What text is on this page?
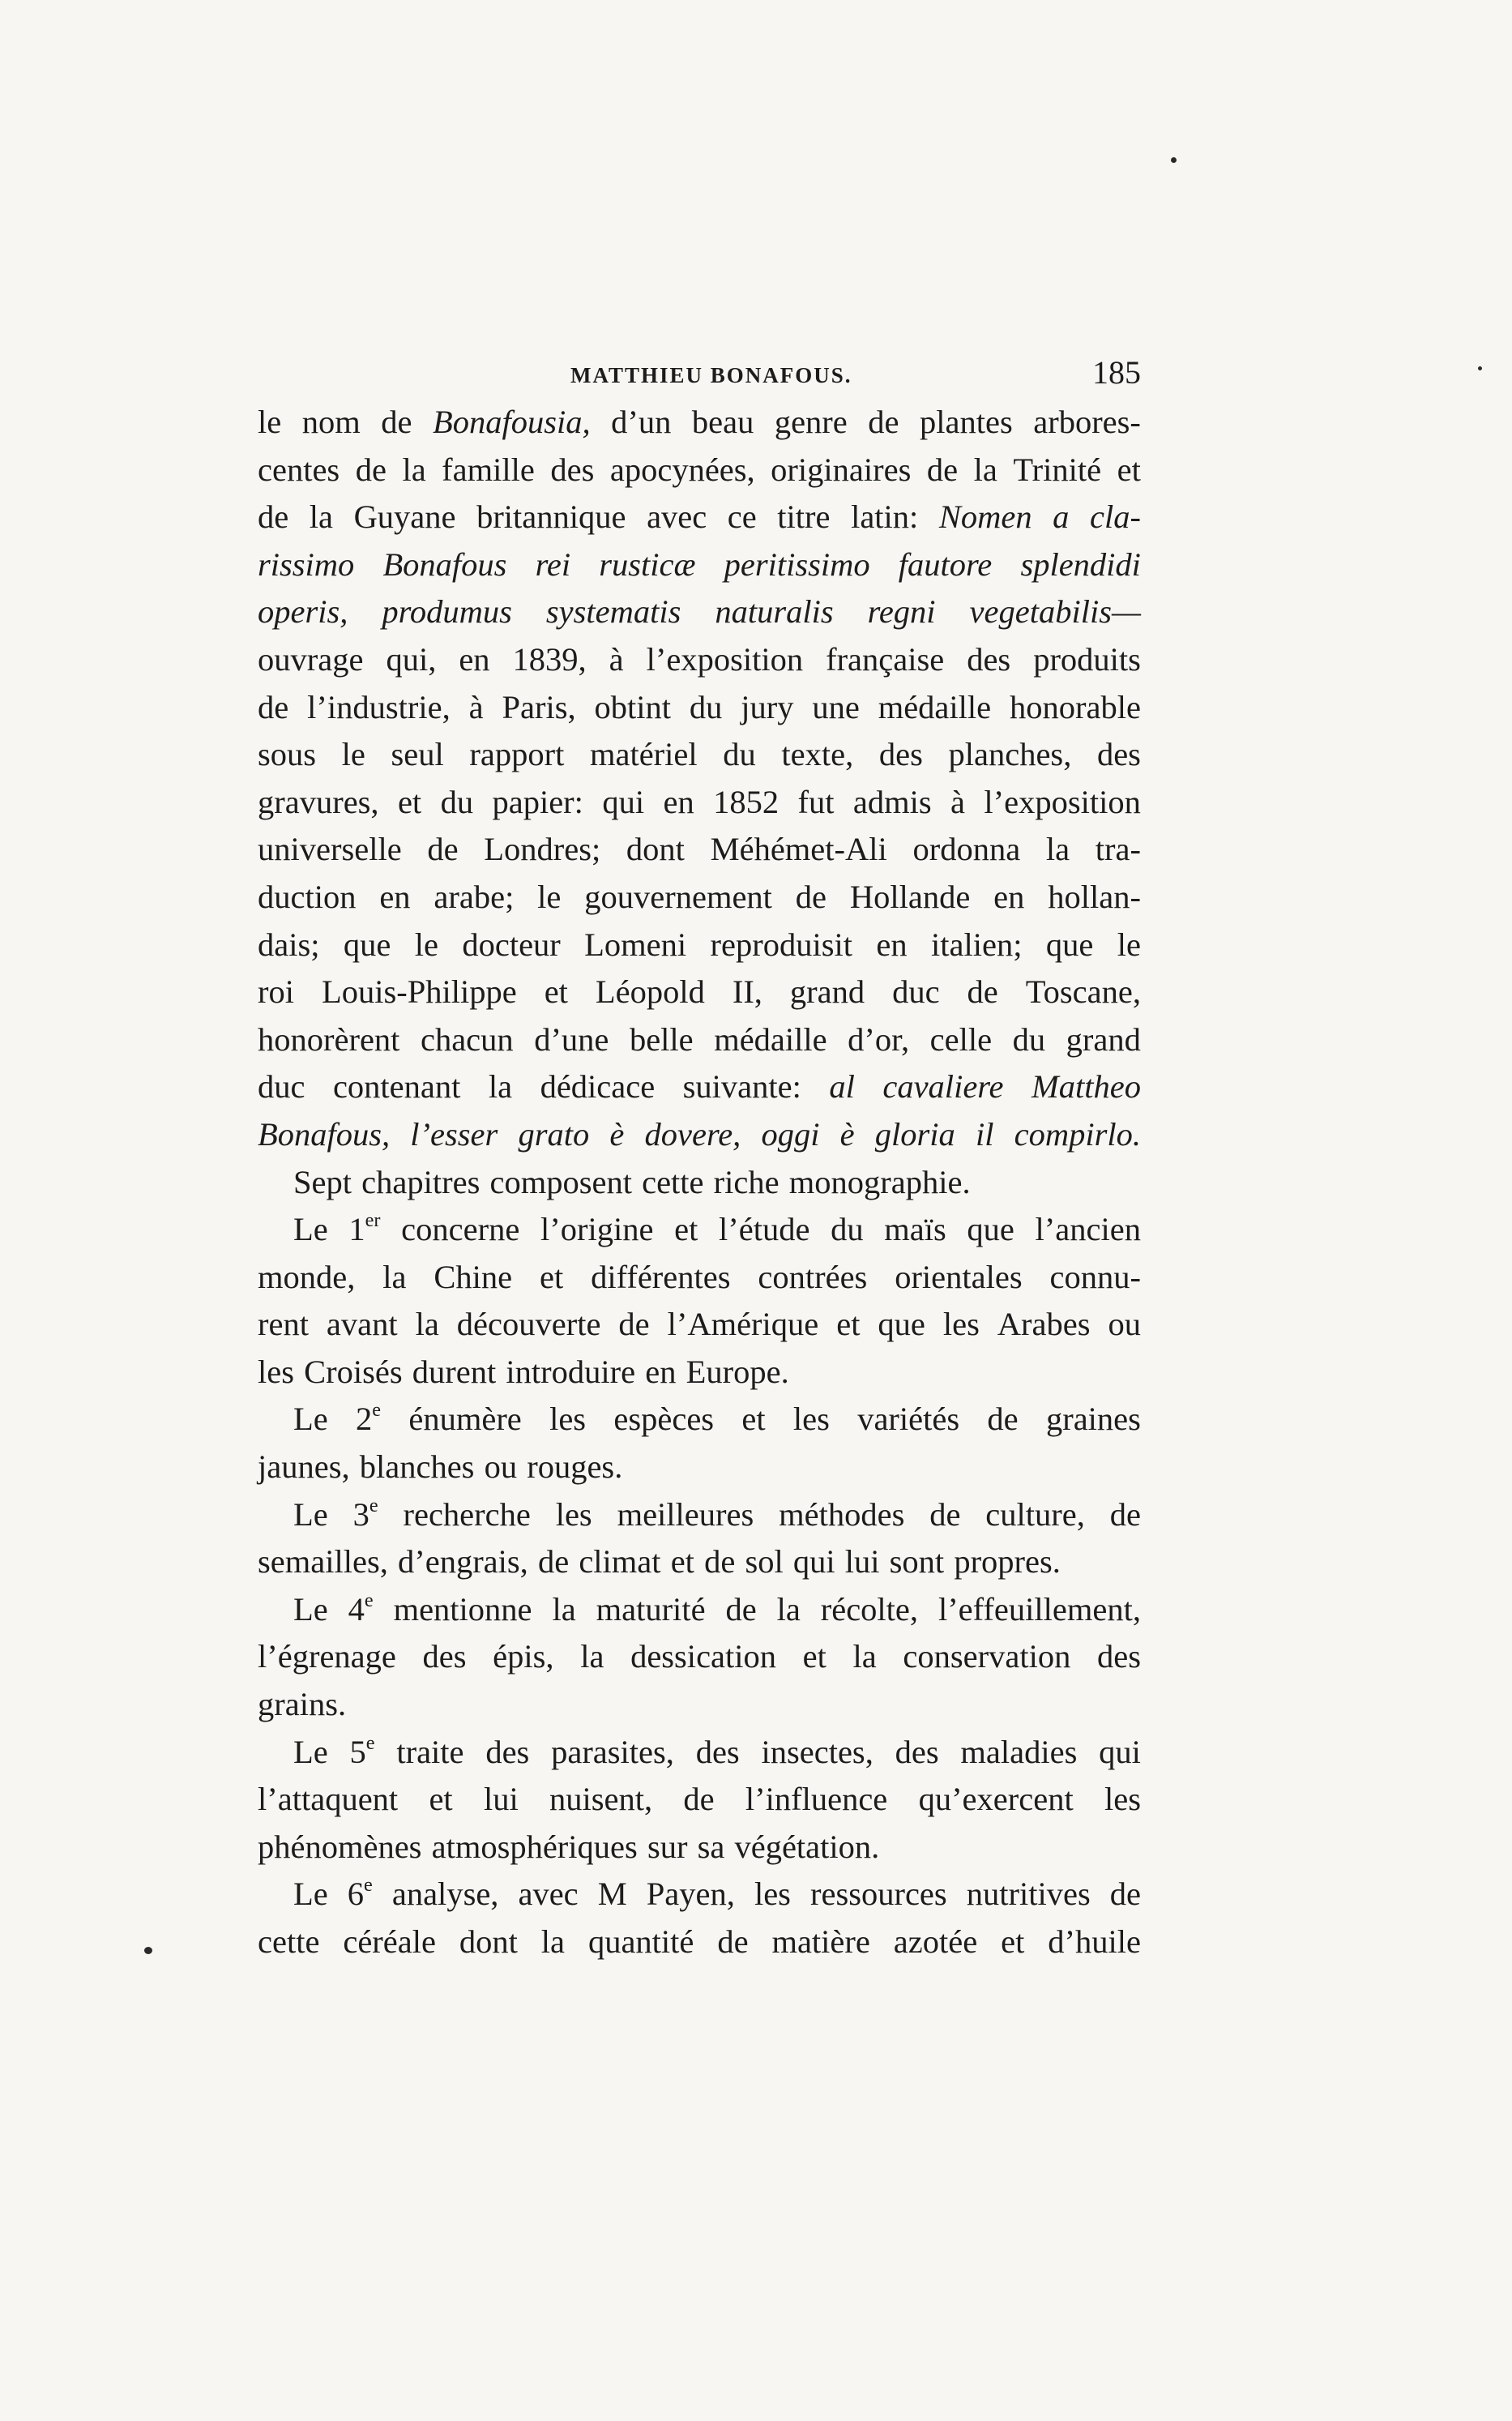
MATTHIEU BONAFOUS.	185
le nom de Bonafousia, d’un beau genre de plantes arbores-
centes de la famille des apocynées, originaires de la Trinité et
de la Guyane britannique avec ce titre latin: Nomen a cla-
rissimo Bonafous rei rusticæ peritissimo fautore splendidi
operis, produmus systematis naturalis regni vegetabilis—
ouvrage qui, en 1839, à l’exposition française des produits
de l’industrie, à Paris, obtint du jury une médaille honorable
sous le seul rapport matériel du texte, des planches, des
gravures, et du papier: qui en 1852 fut admis à l’exposition
universelle de Londres; dont Méhémet-Ali ordonna la tra-
duction en arabe; le gouvernement de Hollande en hollan-
dais; que le docteur Lomeni reproduisit en italien; que le
roi Louis-Philippe et Léopold II, grand duc de Toscane,
honorèrent chacun d’une belle médaille d’or, celle du grand
duc contenant la dédicace suivante: al cavaliere Mattheo
Bonafous, l’esser grato è dovere, oggi è gloria il compirlo.
Sept chapitres composent cette riche monographie.
Le 1er concerne l’origine et l’étude du maïs que l’ancien
monde, la Chine et différentes contrées orientales connu-
rent avant la découverte de l’Amérique et que les Arabes ou
les Croisés durent introduire en Europe.
Le 2e énumère les espèces et les variétés de graines
jaunes, blanches ou rouges.
Le 3e recherche les meilleures méthodes de culture, de
semailles, d’engrais, de climat et de sol qui lui sont propres.
Le 4e mentionne la maturité de la récolte, l’effeuillement,
l’égrenage des épis, la dessication et la conservation des
grains.
Le 5e traite des parasites, des insectes, des maladies qui
l’attaquent et lui nuisent, de l’influence qu’exercent les
phénomènes atmosphériques sur sa végétation.
Le 6e analyse, avec M Payen, les ressources nutritives de
cette céréale dont la quantité de matière azotée et d’huile
